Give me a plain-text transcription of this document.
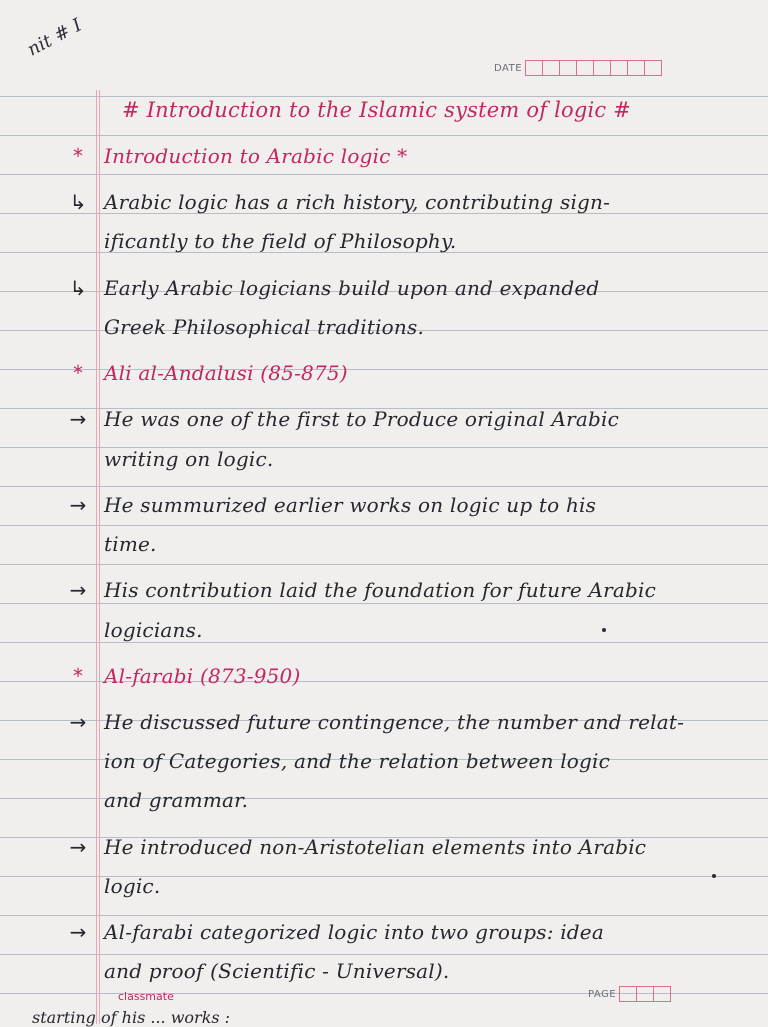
nit # I
DATE
# Introduction to the Islamic system of logic #
*	Introduction to Arabic logic *
↳ Arabic logic has a rich history, contributing sign-
ificantly to the field of Philosophy.
↳ Early Arabic logicians build upon and expanded
Greek Philosophical traditions.
*	Ali al-Andalusi (85-875)
→ He was one of the first to Produce original Arabic
writing on logic.
→ He summurized earlier works on logic up to his
time.
→ His contribution laid the foundation for future Arabic
logicians.
*	Al-farabi (873-950)
→ He discussed future contingence, the number and relat-
ion of Categories, and the relation between logic
and grammar.
→ He introduced non-Aristotelian elements into Arabic
logic.
→ Al-farabi categorized logic into two groups: idea
and proof (Scientific - Universal).
classmate	PAGE
starting of his ... works :
